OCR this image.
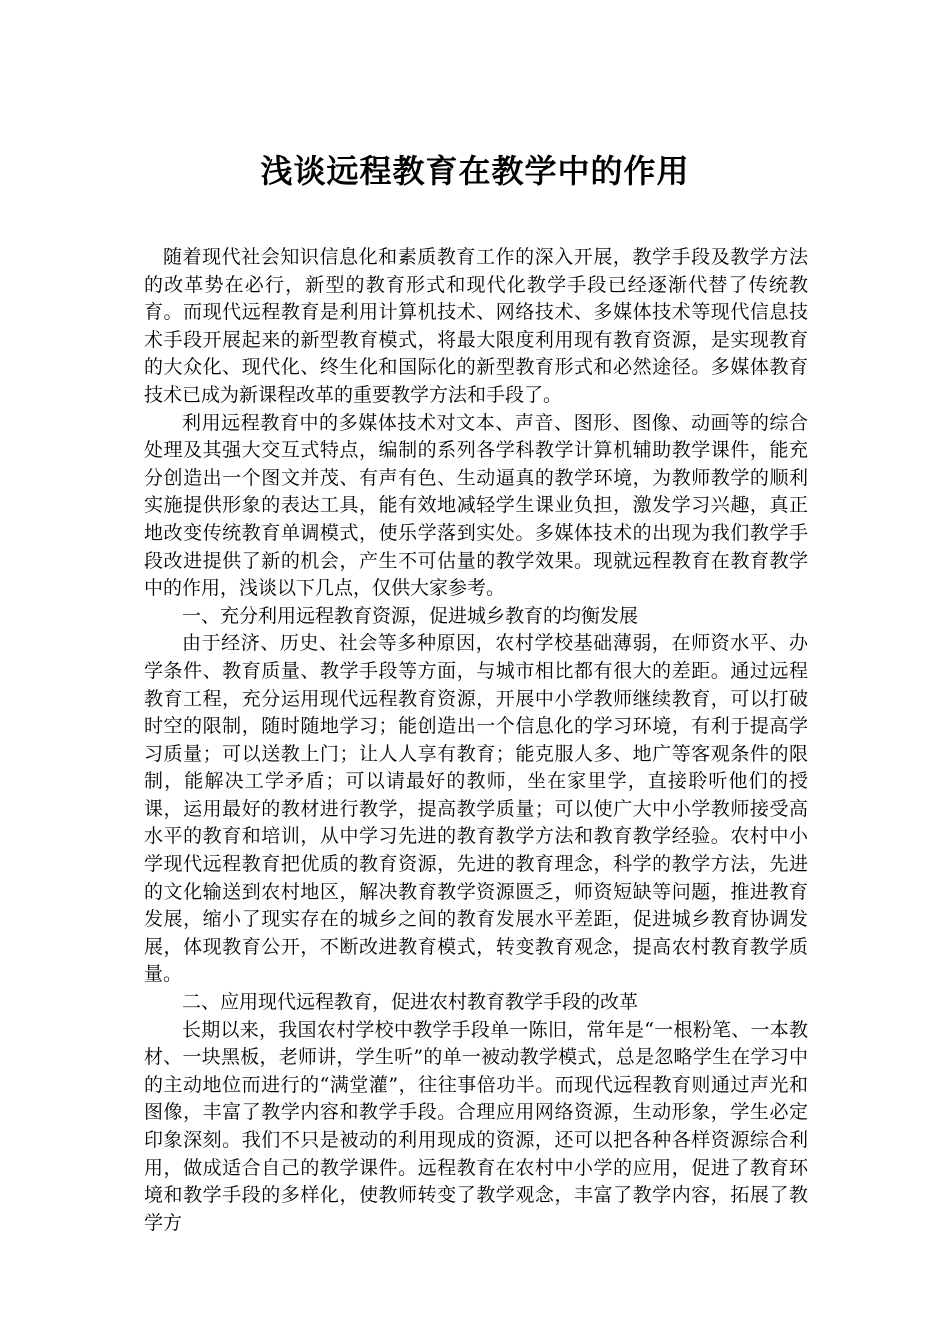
浅谈远程教育在教学中的作用

随着现代社会知识信息化和素质教育工作的深入开展，教学手段及教学方法的改革势在必行，新型的教育形式和现代化教学手段已经逐渐代替了传统教育。而现代远程教育是利用计算机技术、网络技术、多媒体技术等现代信息技术手段开展起来的新型教育模式，将最大限度利用现有教育资源，是实现教育的大众化、现代化、终生化和国际化的新型教育形式和必然途径。多媒体教育技术已成为新课程改革的重要教学方法和手段了。

利用远程教育中的多媒体技术对文本、声音、图形、图像、动画等的综合处理及其强大交互式特点，编制的系列各学科教学计算机辅助教学课件，能充分创造出一个图文并茂、有声有色、生动逼真的教学环境，为教师教学的顺利实施提供形象的表达工具，能有效地减轻学生课业负担，激发学习兴趣，真正地改变传统教育单调模式，使乐学落到实处。多媒体技术的出现为我们教学手段改进提供了新的机会，产生不可估量的教学效果。现就远程教育在教育教学中的作用，浅谈以下几点，仅供大家参考。

一、充分利用远程教育资源，促进城乡教育的均衡发展

由于经济、历史、社会等多种原因，农村学校基础薄弱，在师资水平、办学条件、教育质量、教学手段等方面，与城市相比都有很大的差距。通过远程教育工程，充分运用现代远程教育资源，开展中小学教师继续教育，可以打破时空的限制，随时随地学习；能创造出一个信息化的学习环境，有利于提高学习质量；可以送教上门；让人人享有教育；能克服人多、地广等客观条件的限制，能解决工学矛盾；可以请最好的教师，坐在家里学，直接聆听他们的授课，运用最好的教材进行教学，提高教学质量；可以使广大中小学教师接受高水平的教育和培训，从中学习先进的教育教学方法和教育教学经验。农村中小学现代远程教育把优质的教育资源，先进的教育理念，科学的教学方法，先进的文化输送到农村地区，解决教育教学资源匮乏，师资短缺等问题，推进教育发展，缩小了现实存在的城乡之间的教育发展水平差距，促进城乡教育协调发展，体现教育公开，不断改进教育模式，转变教育观念，提高农村教育教学质量。

二、应用现代远程教育，促进农村教育教学手段的改革

长期以来，我国农村学校中教学手段单一陈旧，常年是“一根粉笔、一本教材、一块黑板，老师讲，学生听”的单一被动教学模式，总是忽略学生在学习中的主动地位而进行的“满堂灌”，往往事倍功半。而现代远程教育则通过声光和图像，丰富了教学内容和教学手段。合理应用网络资源，生动形象，学生必定印象深刻。我们不只是被动的利用现成的资源，还可以把各种各样资源综合利用，做成适合自己的教学课件。远程教育在农村中小学的应用，促进了教育环境和教学手段的多样化，使教师转变了教学观念，丰富了教学内容，拓展了教学方
